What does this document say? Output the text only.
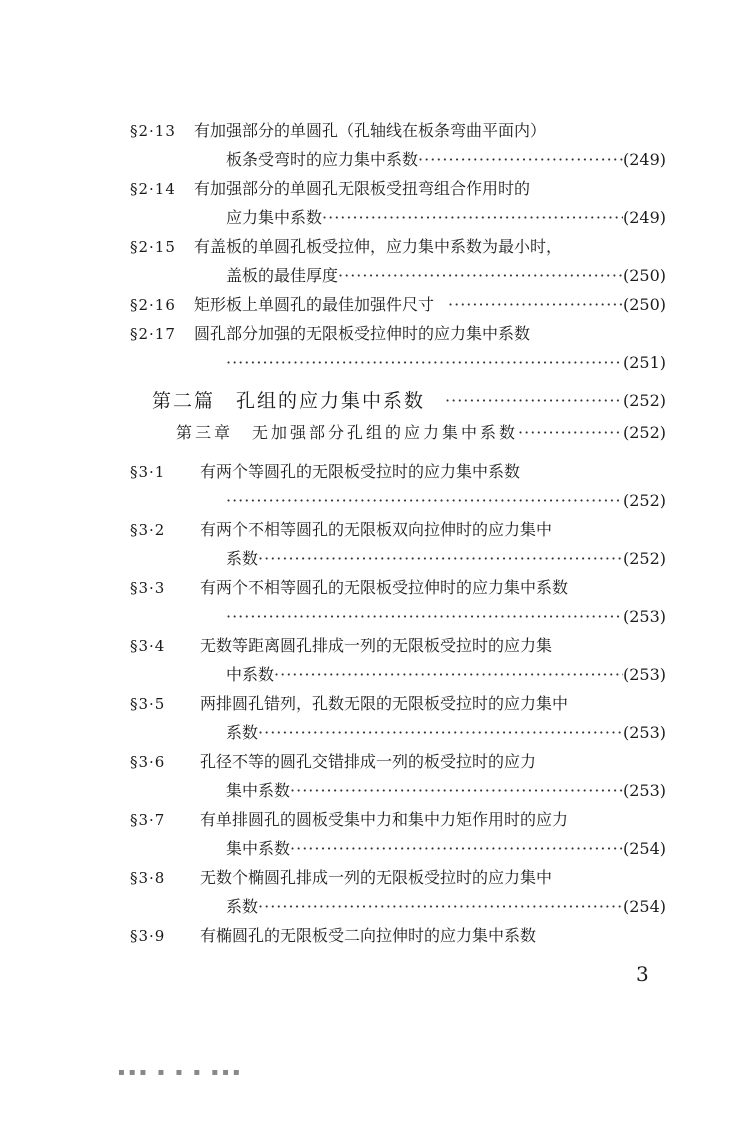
§2·13 有加强部分的单圆孔（孔轴线在板条弯曲平面内）
板条受弯时的应力集中系数 ·····	(249)
§2·14 有加强部分的单圆孔无限板受扭弯组合作用时的
应力集中系数 ·····	(249)
§2·15 有盖板的单圆孔板受拉伸，应力集中系数为最小时，
盖板的最佳厚度 ·····	(250)
§2·16	矩形板上单圆孔的最佳加强件尺寸 ·····	(250)
§2·17 圆孔部分加强的无限板受拉伸时的应力集中系数
·····
(251)
第二篇　孔组的应力集中系数 ·····	(252)
第三章　无加强部分孔组的应力集中系数 ·····	(252)
§3·1 有两个等圆孔的无限板受拉时的应力集中系数
·····
(252)
§3·2 有两个不相等圆孔的无限板双向拉伸时的应力集中
系数 ·····	(252)
§3·3 有两个不相等圆孔的无限板受拉伸时的应力集中系数
·····
(253)
§3·4 无数等距离圆孔排成一列的无限板受拉时的应力集
中系数 ·····	(253)
§3·5 两排圆孔错列，孔数无限的无限板受拉时的应力集中
系数 ·····	(253)
§3·6 孔径不等的圆孔交错排成一列的板受拉时的应力
集中系数 ·····	(253)
§3·7 有单排圆孔的圆板受集中力和集中力矩作用时的应力
集中系数 ·····	(254)
§3·8 无数个椭圆孔排成一列的无限板受拉时的应力集中
系数 ·····	(254)
§3·9 有椭圆孔的无限板受二向拉伸时的应力集中系数
3
▪▪▪ ▪ ▪ ▪ ▪▪▪
